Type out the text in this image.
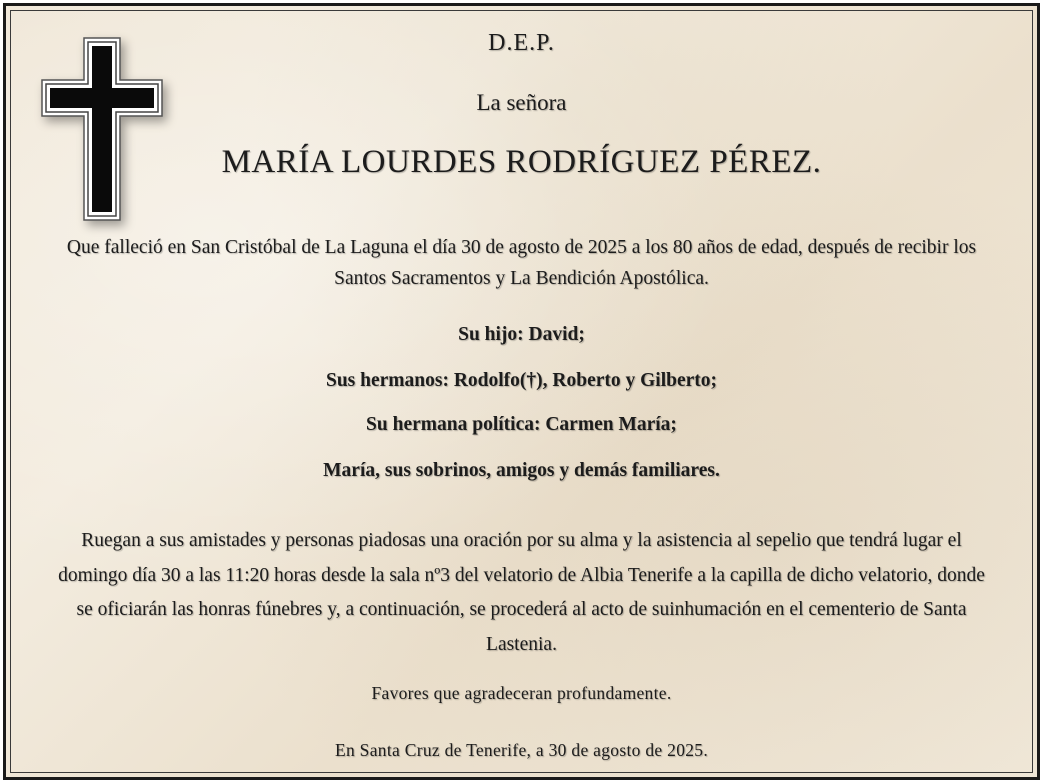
D.E.P.
La señora
MARÍA LOURDES RODRÍGUEZ PÉREZ.
Que falleció en San Cristóbal de La Laguna el día 30 de agosto de 2025 a los 80 años de edad, después de recibir los Santos Sacramentos y La Bendición Apostólica.
Su hijo: David;
Sus hermanos: Rodolfo(†), Roberto y Gilberto;
Su hermana política: Carmen María;
María, sus sobrinos, amigos y demás familiares.
Ruegan a sus amistades y personas piadosas una oración por su alma y la asistencia al sepelio que tendrá lugar el domingo día 30 a las 11:20 horas desde la sala nº3 del velatorio de Albia Tenerife a la capilla de dicho velatorio, donde se oficiarán las honras fúnebres y, a continuación, se procederá al acto de suinhumación en el cementerio de Santa Lastenia.
Favores que agradeceran profundamente.
En Santa Cruz de Tenerife, a 30 de agosto de 2025.
